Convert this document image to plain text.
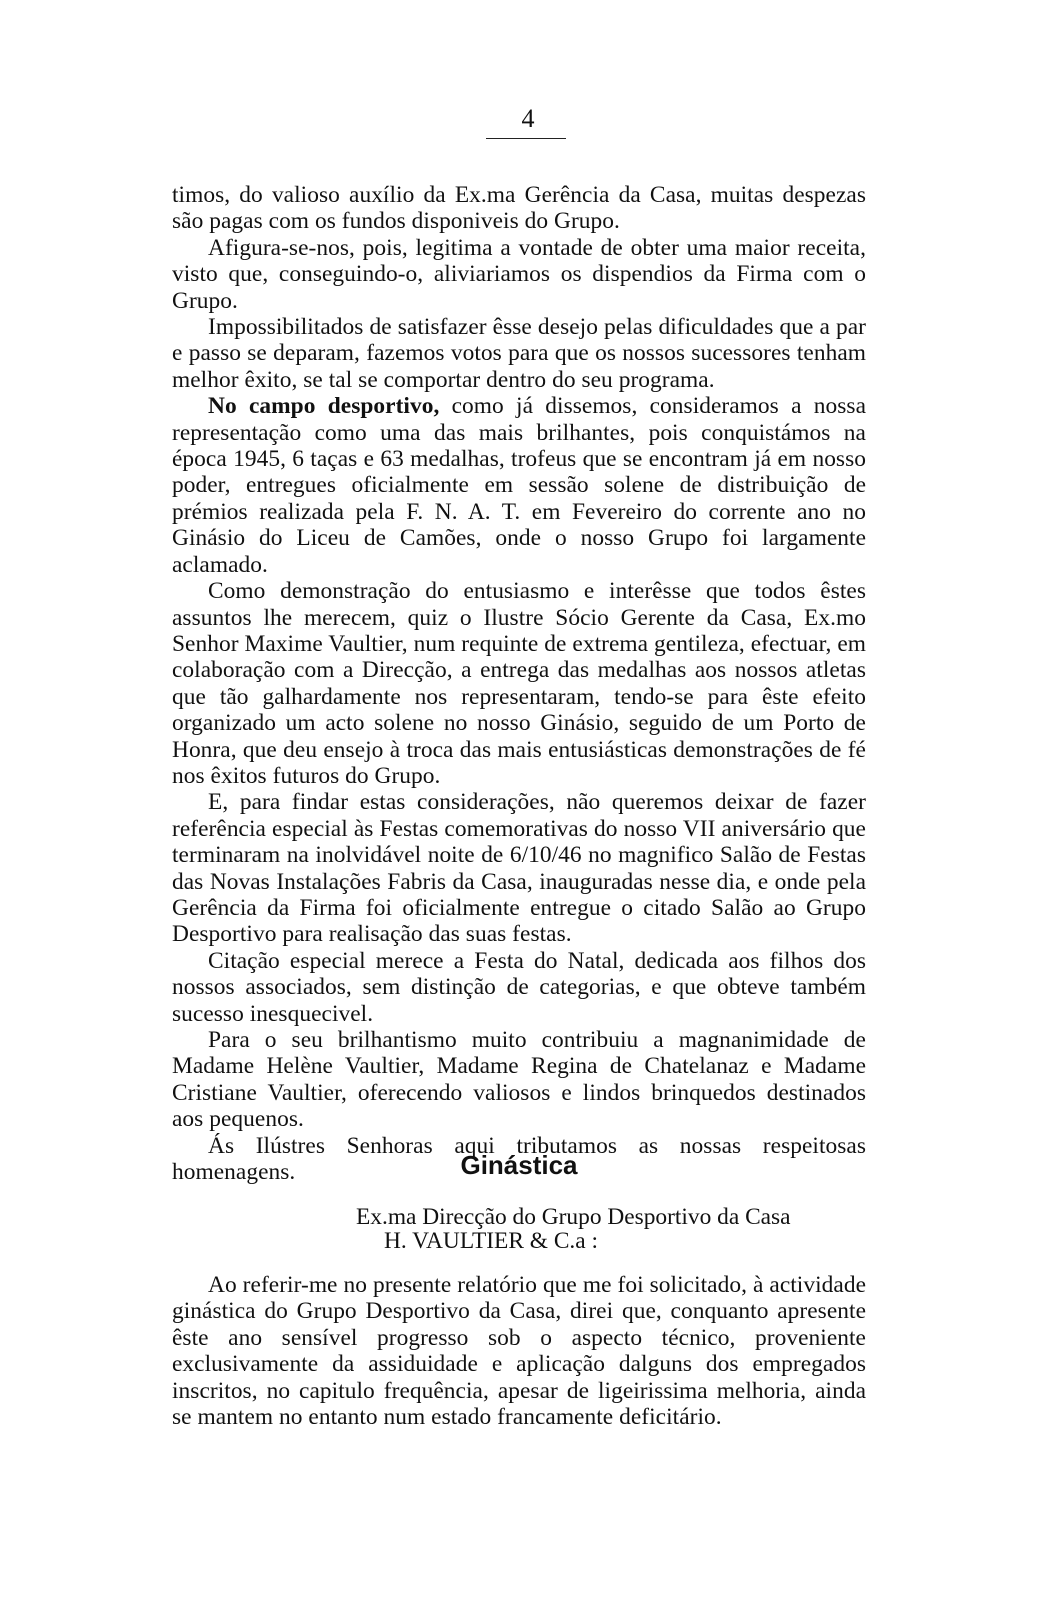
4

timos, do valioso auxílio da Ex.ma Gerência da Casa, muitas despezas são pagas com os fundos disponiveis do Grupo.

Afigura-se-nos, pois, legitima a vontade de obter uma maior receita, visto que, conseguindo-o, aliviariamos os dispendios da Firma com o Grupo.

Impossibilitados de satisfazer êsse desejo pelas dificuldades que a par e passo se deparam, fazemos votos para que os nossos sucessores tenham melhor êxito, se tal se comportar dentro do seu programa.

No campo desportivo, como já dissemos, consideramos a nossa representação como uma das mais brilhantes, pois conquistámos na época 1945, 6 taças e 63 medalhas, trofeus que se encontram já em nosso poder, entregues oficialmente em sessão solene de distribuição de prémios realizada pela F. N. A. T. em Fevereiro do corrente ano no Ginásio do Liceu de Camões, onde o nosso Grupo foi largamente aclamado.

Como demonstração do entusiasmo e interêsse que todos êstes assuntos lhe merecem, quiz o Ilustre Sócio Gerente da Casa, Ex.mo Senhor Maxime Vaultier, num requinte de extrema gentileza, efectuar, em colaboração com a Direcção, a entrega das medalhas aos nossos atletas que tão galhardamente nos representaram, tendo-se para êste efeito organizado um acto solene no nosso Ginásio, seguido de um Porto de Honra, que deu ensejo à troca das mais entusiásticas demonstrações de fé nos êxitos futuros do Grupo.

E, para findar estas considerações, não queremos deixar de fazer referência especial às Festas comemorativas do nosso VII aniversário que terminaram na inolvidável noite de 6/10/46 no magnifico Salão de Festas das Novas Instalações Fabris da Casa, inauguradas nesse dia, e onde pela Gerência da Firma foi oficialmente entregue o citado Salão ao Grupo Desportivo para realisação das suas festas.

Citação especial merece a Festa do Natal, dedicada aos filhos dos nossos associados, sem distinção de categorias, e que obteve também sucesso inesquecivel.

Para o seu brilhantismo muito contribuiu a magnanimidade de Madame Helène Vaultier, Madame Regina de Chatelanaz e Madame Cristiane Vaultier, oferecendo valiosos e lindos brinquedos destinados aos pequenos.

Ás Ilústres Senhoras aqui tributamos as nossas respeitosas homenagens.	Ginástica
Ex.ma Direcção do Grupo Desportivo da Casa
H. VAULTIER & C.a :

Ao referir-me no presente relatório que me foi solicitado, à actividade ginástica do Grupo Desportivo da Casa, direi que, conquanto apresente êste ano sensível progresso sob o aspecto técnico, proveniente exclusivamente da assiduidade e aplicação dalguns dos empregados inscritos, no capitulo frequência, apesar de ligeirissima melhoria, ainda se mantem no entanto num estado francamente deficitário.
